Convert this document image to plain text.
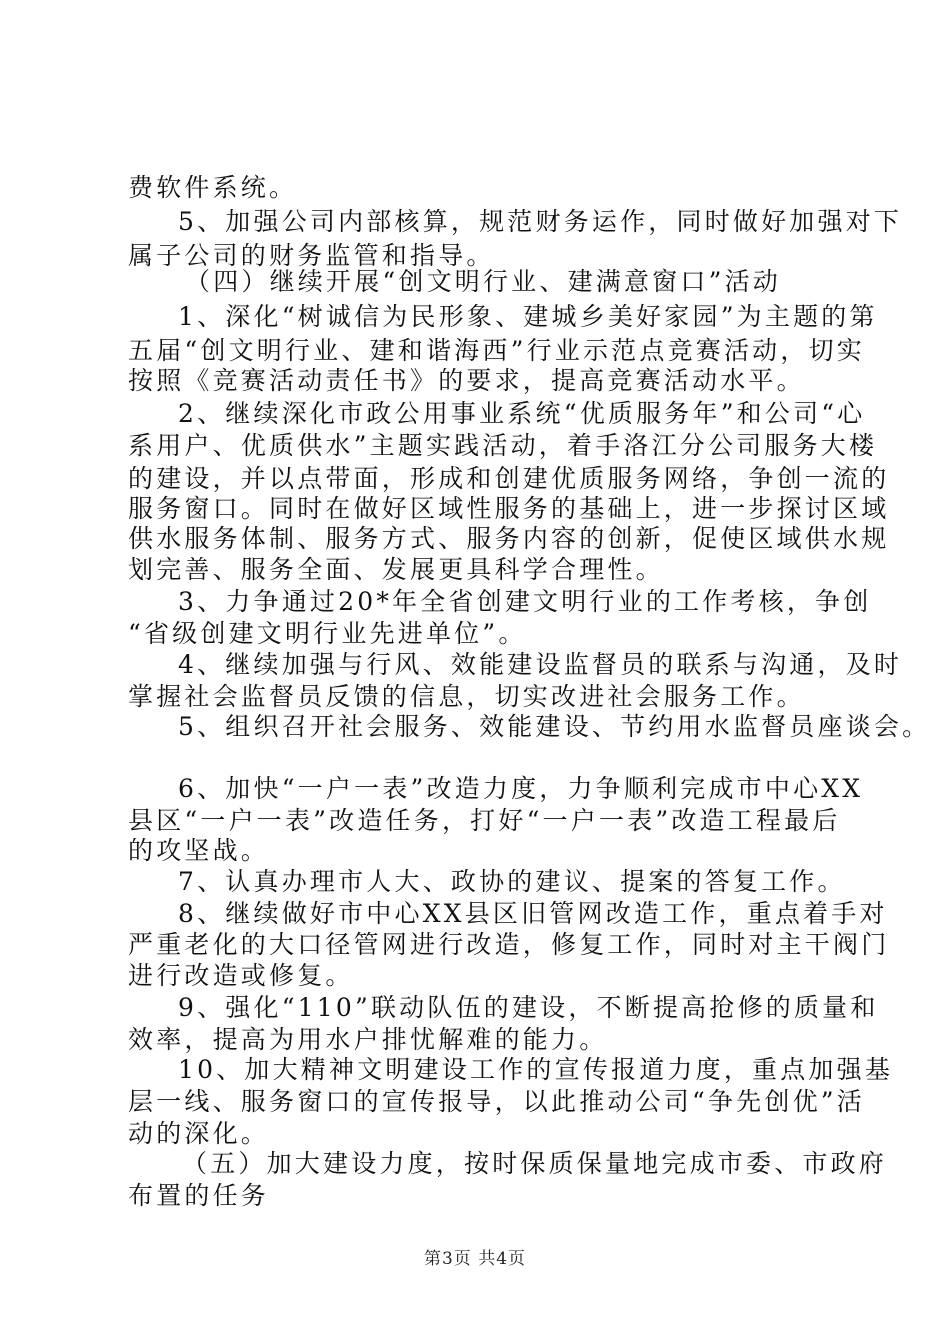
费软件系统。
5、加强公司内部核算，规范财务运作，同时做好加强对下
属子公司的财务监管和指导。
（四）继续开展“创文明行业、建满意窗口”活动
1、深化“树诚信为民形象、建城乡美好家园”为主题的第
五届“创文明行业、建和谐海西”行业示范点竞赛活动，切实
按照《竞赛活动责任书》的要求，提高竞赛活动水平。
2、继续深化市政公用事业系统“优质服务年”和公司“心
系用户、优质供水”主题实践活动，着手洛江分公司服务大楼
的建设，并以点带面，形成和创建优质服务网络，争创一流的
服务窗口。同时在做好区域性服务的基础上，进一步探讨区域
供水服务体制、服务方式、服务内容的创新，促使区域供水规
划完善、服务全面、发展更具科学合理性。
3、力争通过20*年全省创建文明行业的工作考核，争创
“省级创建文明行业先进单位”。
4、继续加强与行风、效能建设监督员的联系与沟通，及时
掌握社会监督员反馈的信息，切实改进社会服务工作。
5、组织召开社会服务、效能建设、节约用水监督员座谈会。
6、加快“一户一表”改造力度，力争顺利完成市中心XX
县区“一户一表”改造任务，打好“一户一表”改造工程最后
的攻坚战。
7、认真办理市人大、政协的建议、提案的答复工作。
8、继续做好市中心XX县区旧管网改造工作，重点着手对
严重老化的大口径管网进行改造，修复工作，同时对主干阀门
进行改造或修复。
9、强化“110”联动队伍的建设，不断提高抢修的质量和
效率，提高为用水户排忧解难的能力。
10、加大精神文明建设工作的宣传报道力度，重点加强基
层一线、服务窗口的宣传报导，以此推动公司“争先创优”活
动的深化。
（五）加大建设力度，按时保质保量地完成市委、市政府
布置的任务
第3页 共4页
